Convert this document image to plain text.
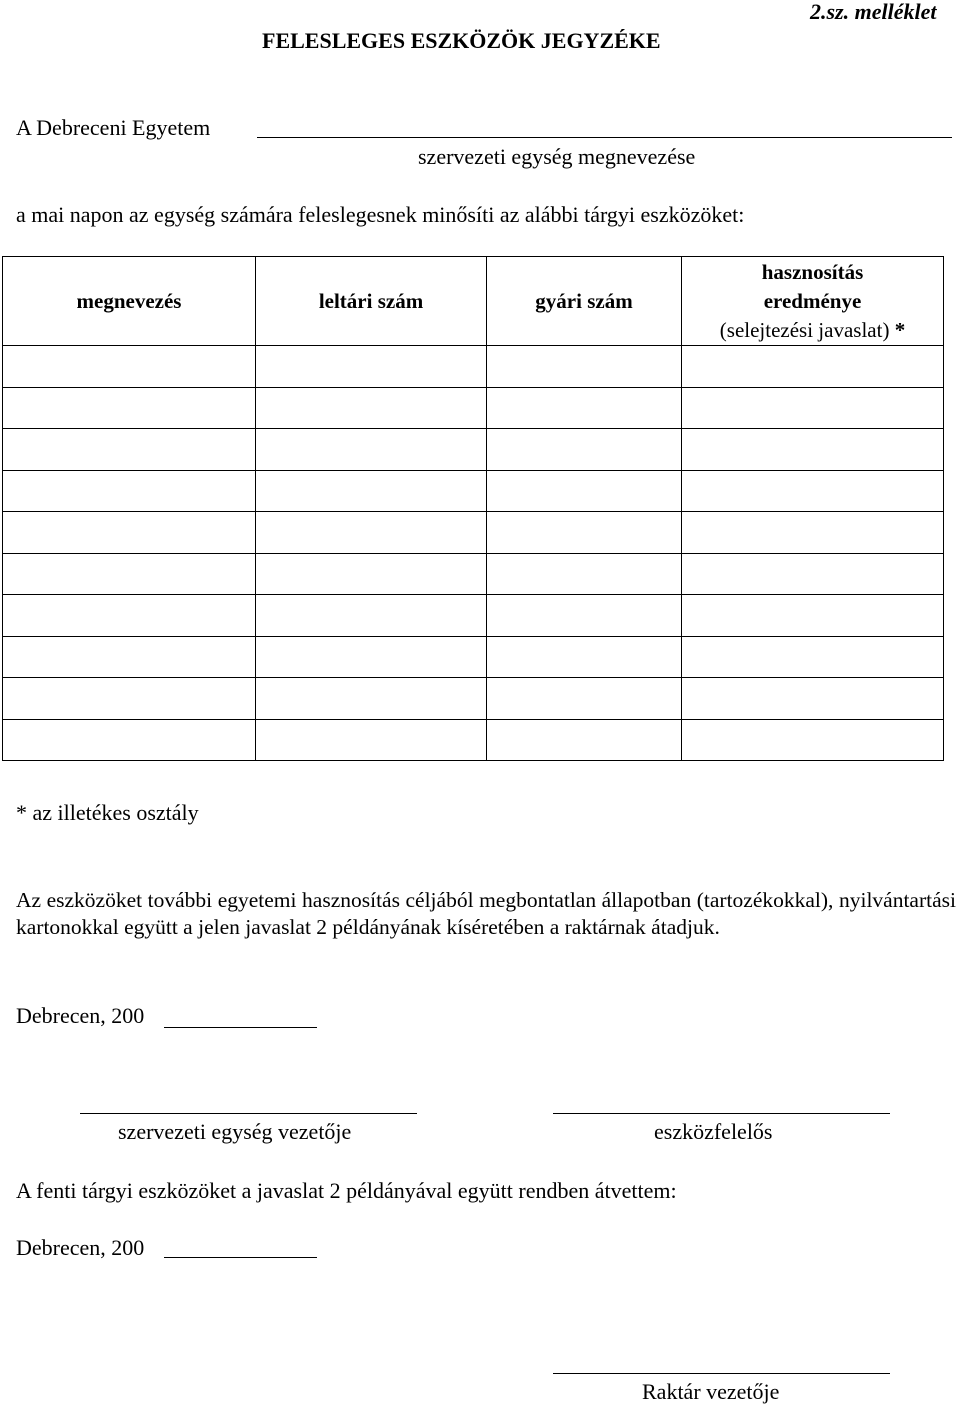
FELESLEGES ESZKÖZÖK JEGYZÉKE
2.sz. melléklet
A Debreceni Egyetem
szervezeti egység megnevezése
a mai napon az egység számára feleslegesnek minősíti az alábbi tárgyi eszközöket:
megnevezés	leltári szám	gyári szám	hasznosítás
eredménye
(selejtezési javaslat) *

* az illetékes osztály
Az eszközöket további egyetemi hasznosítás céljából megbontatlan állapotban (tartozékokkal), nyilvántartási kartonokkal együtt a jelen javaslat 2 példányának kíséretében a raktárnak átadjuk.
Debrecen, 200
szervezeti egység vezetője	eszközfelelős
A fenti tárgyi eszközöket a javaslat 2 példányával együtt rendben átvettem:
Debrecen, 200
Raktár vezetője
